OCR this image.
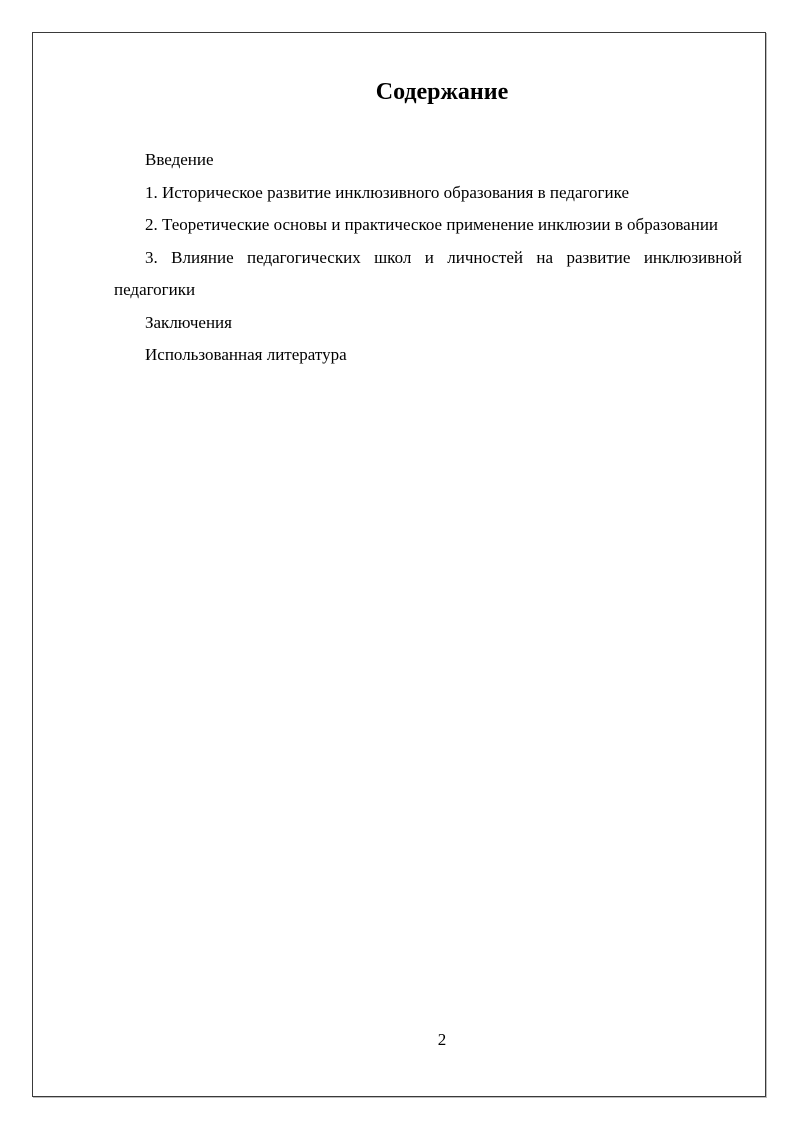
Содержание

Введение

1. Историческое развитие инклюзивного образования в педагогике

2. Теоретические основы и практическое применение инклюзии в образовании

3. Влияние педагогических школ и личностей на развитие инклюзивной педагогики

Заключения

Использованная литература

2
